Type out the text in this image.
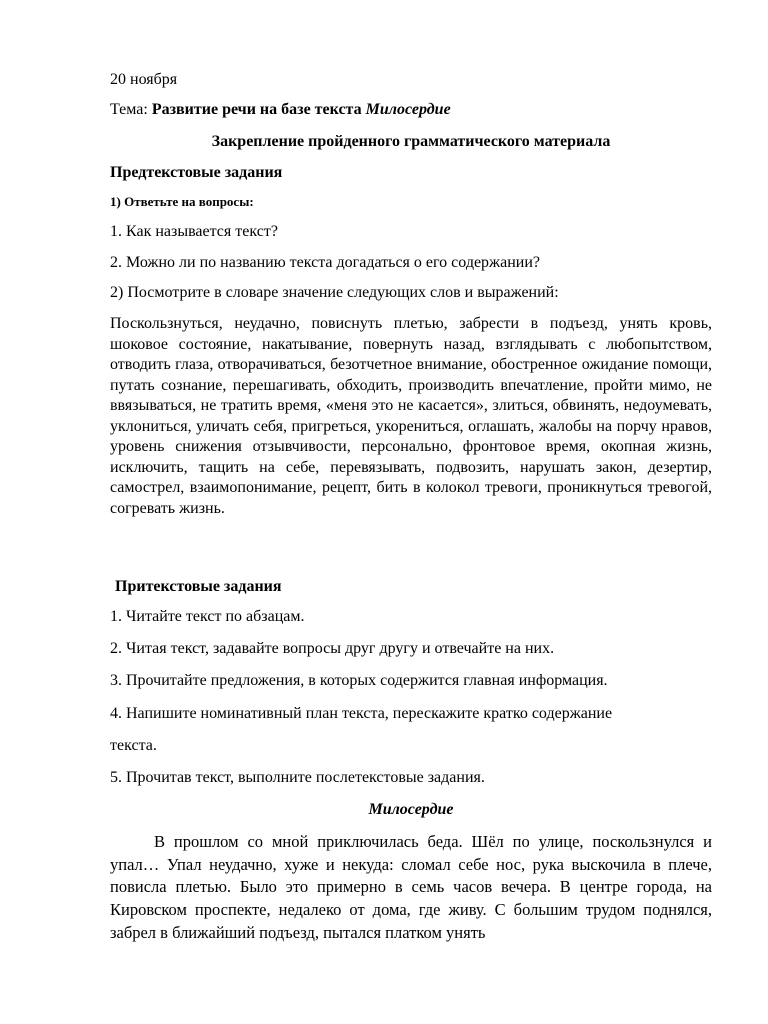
20 ноября
Тема: Развитие речи на базе текста Милосердие
Закрепление пройденного грамматического материала
Предтекстовые задания
1) Ответьте на вопросы:
1. Как называется текст?
2. Можно ли по названию текста догадаться о его содержании?
2) Посмотрите в словаре значение следующих слов и выражений:
Поскользнуться, неудачно, повиснуть плетью, забрести в подъезд, унять кровь, шоковое состояние, накатывание, повернуть назад, взглядывать с любопытством, отводить глаза, отворачиваться, безотчетное внимание, обостренное ожидание помощи, путать сознание, перешагивать, обходить, производить впечатление, пройти мимо, не ввязываться, не тратить время, «меня это не касается», злиться, обвинять, недоумевать, уклониться, уличать себя, пригреться, укорениться, оглашать, жалобы на порчу нравов, уровень снижения отзывчивости, персонально, фронтовое время, окопная жизнь, исключить, тащить на себе, перевязывать, подвозить, нарушать закон, дезертир, самострел, взаимопонимание, рецепт, бить в колокол тревоги, проникнуться тревогой, согревать жизнь.
Притекстовые задания
1. Читайте текст по абзацам.
2. Читая текст, задавайте вопросы друг другу и отвечайте на них.
3. Прочитайте предложения, в которых содержится главная информация.
4. Напишите номинативный план текста, перескажите кратко содержание
текста.
5. Прочитав текст, выполните послетекстовые задания.
Милосердие
В прошлом со мной приключилась беда. Шёл по улице, поскользнулся и упал… Упал неудачно, хуже и некуда: сломал себе нос, рука выскочила в плече, повисла плетью. Было это примерно в семь часов вечера. В центре города, на Кировском проспекте, недалеко от дома, где живу. С большим трудом поднялся, забрел в ближайший подъезд, пытался платком унять
